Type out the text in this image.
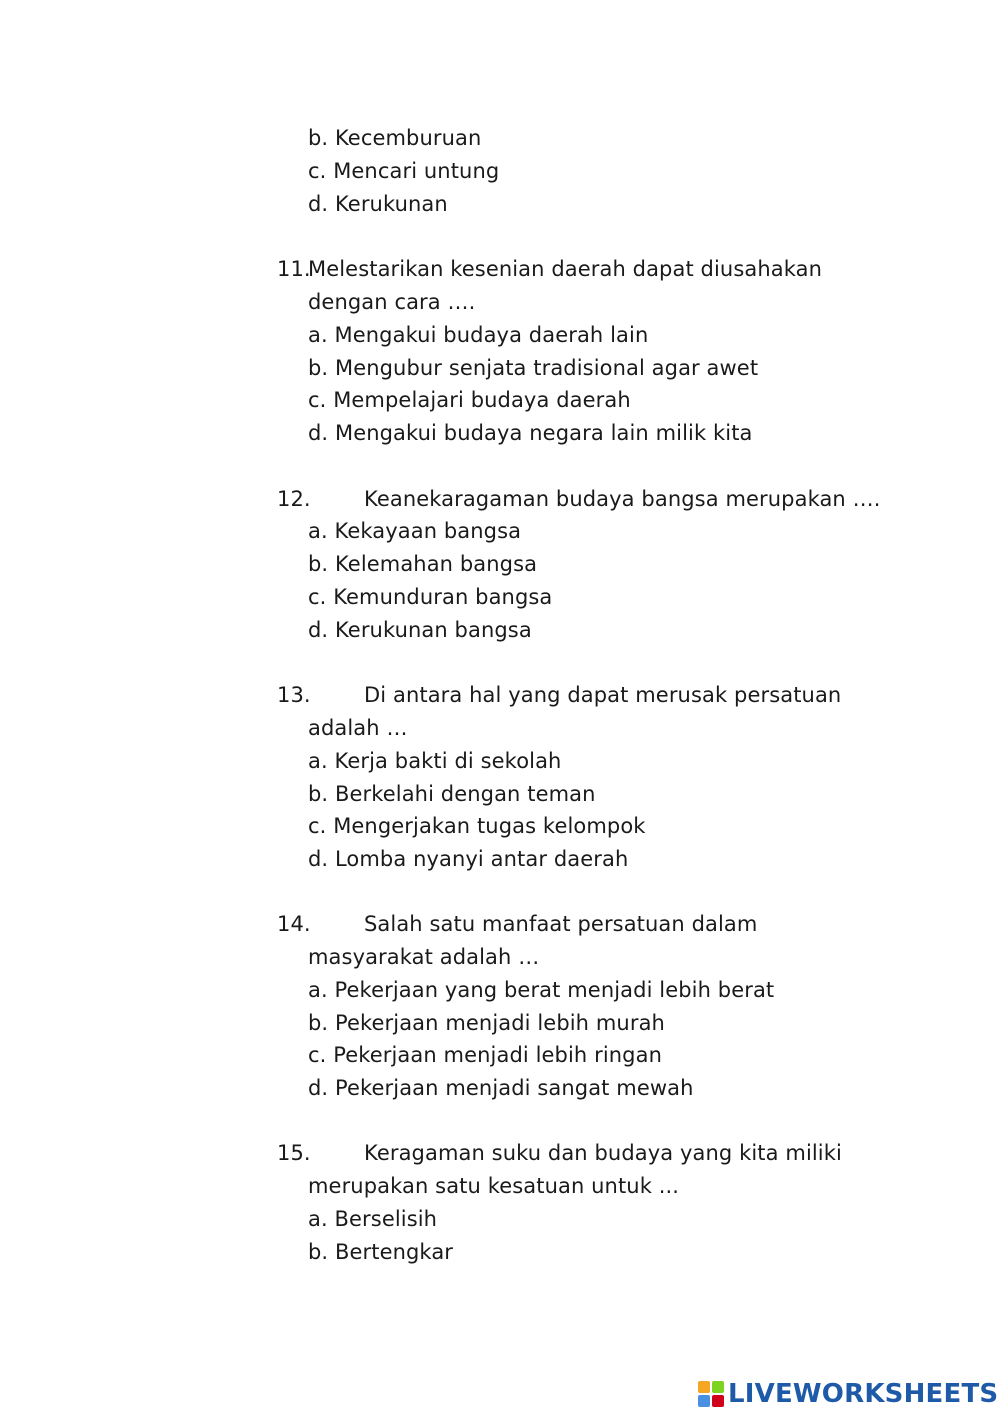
b. Kecemburuan
c. Mencari untung
d. Kerukunan
11.
Melestarikan kesenian daerah dapat diusahakan
dengan cara ….
a. Mengakui budaya daerah lain
b. Mengubur senjata tradisional agar awet
c. Mempelajari budaya daerah
d. Mengakui budaya negara lain milik kita
12.	Keanekaragaman budaya bangsa merupakan ….
a. Kekayaan bangsa
b. Kelemahan bangsa
c. Kemunduran bangsa
d. Kerukunan bangsa
13.	Di antara hal yang dapat merusak persatuan
adalah …
a. Kerja bakti di sekolah
b. Berkelahi dengan teman
c. Mengerjakan tugas kelompok
d. Lomba nyanyi antar daerah
14.	Salah satu manfaat persatuan dalam
masyarakat adalah …
a. Pekerjaan yang berat menjadi lebih berat
b. Pekerjaan menjadi lebih murah
c. Pekerjaan menjadi lebih ringan
d. Pekerjaan menjadi sangat mewah
15.	Keragaman suku dan budaya yang kita miliki
merupakan satu kesatuan untuk ...
a. Berselisih
b. Bertengkar
LIVEWORKSHEETS
